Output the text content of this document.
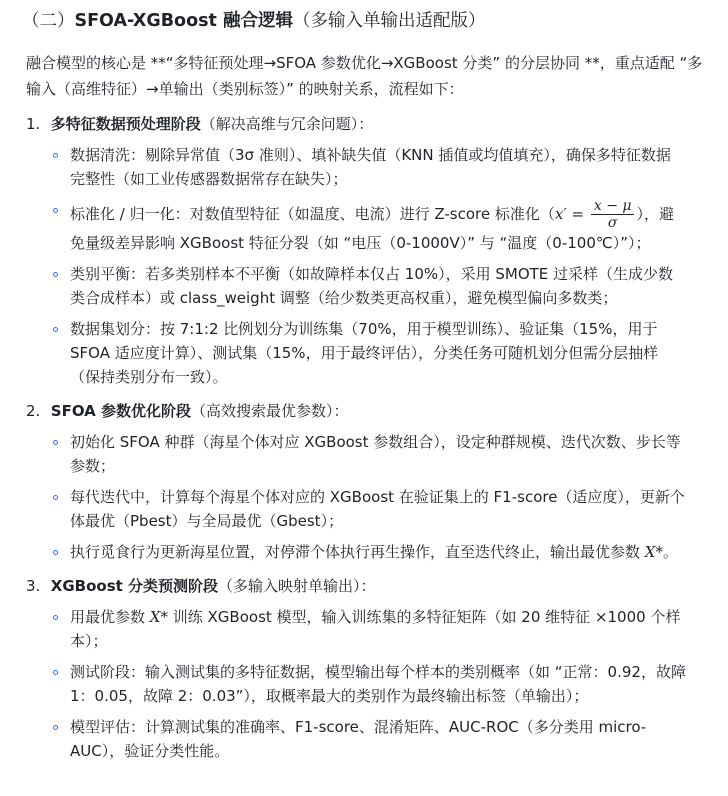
（二）SFOA-XGBoost 融合逻辑（多输入单输出适配版）
融合模型的核心是 **“多特征预处理→SFOA 参数优化→XGBoost 分类” 的分层协同 **，重点适配 “多
输入（高维特征）→单输出（类别标签）” 的映射关系，流程如下：
1. 多特征数据预处理阶段（解决高维与冗余问题）：
数据清洗：剔除异常值（3σ 准则）、填补缺失值（KNN 插值或均值填充），确保多特征数据
完整性（如工业传感器数据常存在缺失）；
标准化 / 归一化：对数值型特征（如温度、电流）进行 Z-score 标准化（$x' = \frac{x - \mu}{\sigma}$ ），避
免量级差异影响 XGBoost 特征分裂（如 “电压（0-1000V）” 与 “温度（0-100℃）”）；
类别平衡：若多类别样本不平衡（如故障样本仅占 10%），采用 SMOTE 过采样（生成少数
类合成样本）或 class_weight 调整（给少数类更高权重），避免模型偏向多数类；
数据集划分：按 7:1:2 比例划分为训练集（70%，用于模型训练）、验证集（15%，用于
SFOA 适应度计算）、测试集（15%，用于最终评估），分类任务可随机划分但需分层抽样
（保持类别分布一致）。
2. SFOA 参数优化阶段（高效搜索最优参数）：
初始化 SFOA 种群（海星个体对应 XGBoost 参数组合），设定种群规模、迭代次数、步长等
参数；
每代迭代中，计算每个海星个体对应的 XGBoost 在验证集上的 F1-score（适应度），更新个
体最优（Pbest）与全局最优（Gbest）；
执行觅食行为更新海星位置，对停滞个体执行再生操作，直至迭代终止，输出最优参数 X*。
3. XGBoost 分类预测阶段（多输入映射单输出）：
用最优参数 X* 训练 XGBoost 模型，输入训练集的多特征矩阵（如 20 维特征 ×1000 个样
本）；
测试阶段：输入测试集的多特征数据，模型输出每个样本的类别概率（如 “正常：0.92，故障
1：0.05，故障 2：0.03”），取概率最大的类别作为最终输出标签（单输出）；
模型评估：计算测试集的准确率、F1-score、混淆矩阵、AUC-ROC（多分类用 micro-
AUC），验证分类性能。
